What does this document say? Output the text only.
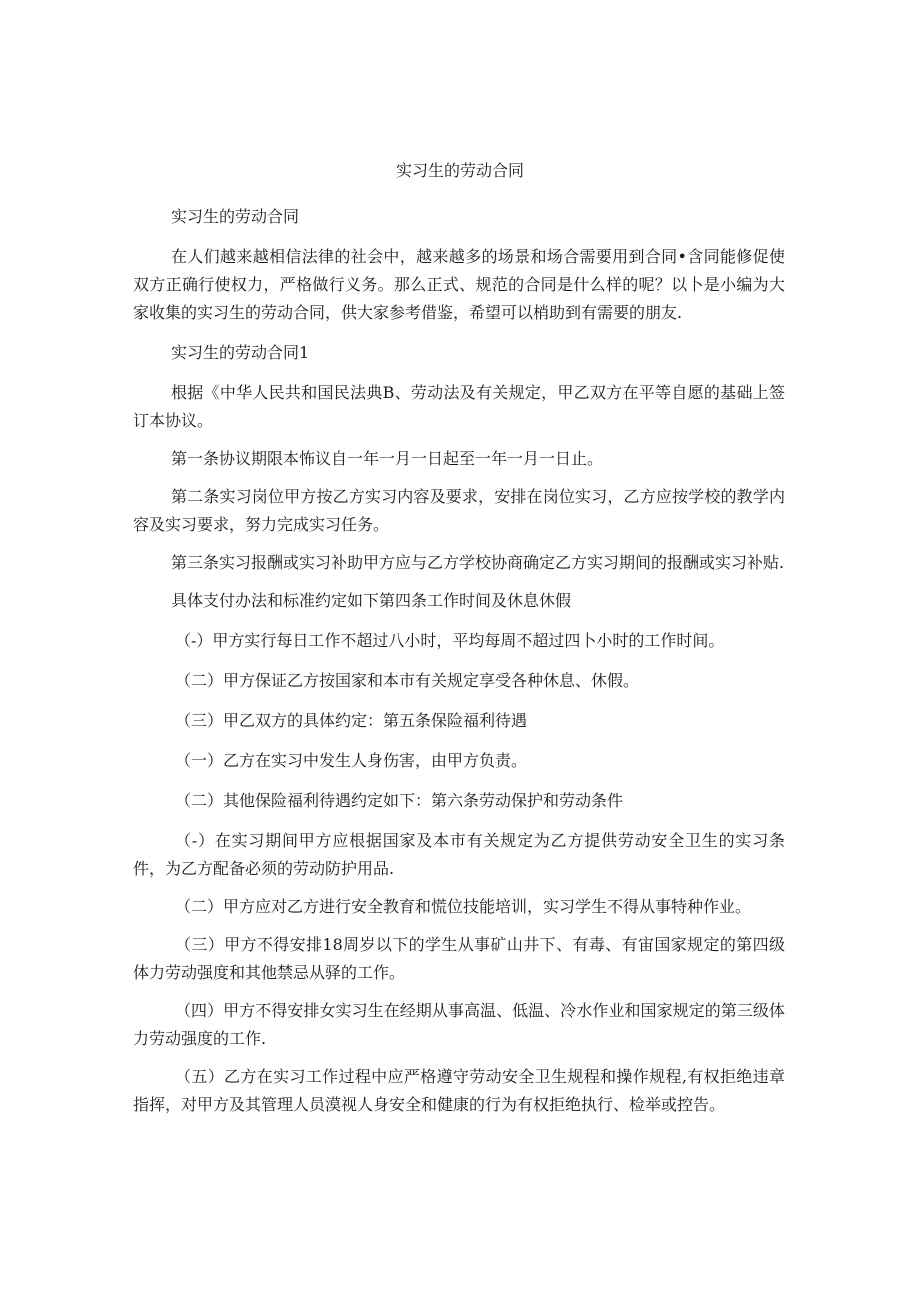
实习生的劳动合同

实习生的劳动合同

在人们越来越相信法律的社会中，越来越多的场景和场合需要用到合同•含同能修促使双方正确行使权力，严格做行义务。那么正式、规范的合同是什么样的呢？以卜是小编为大家收集的实习生的劳动合同，供大家参考借鉴，希望可以梢助到有需要的朋友.

实习生的劳动合同1

根据《中华人民共和国民法典B、劳动法及有关规定，甲乙双方在平等自愿的基础上签订本协议。

第一条协议期限本怖议自一年一月一日起至一年一月一日止。

第二条实习岗位甲方按乙方实习内容及要求，安排在岗位实习，乙方应按学校的教学内容及实习要求，努力完成实习任务。

第三条实习报酬或实习补助甲方应与乙方学校协商确定乙方实习期间的报酬或实习补贴.

具体支付办法和标准约定如下第四条工作时间及休息休假

（-）甲方实行每日工作不超过八小时，平均每周不超过四卜小时的工作时间。

（二）甲方保证乙方按国家和本市有关规定享受各种休息、休假。

（三）甲乙双方的具体约定：第五条保险福利待遇

（一）乙方在实习中发生人身伤害，由甲方负责。

（二）其他保险福利待遇约定如下：第六条劳动保护和劳动条件

（-）在实习期间甲方应根据国家及本市有关规定为乙方提供劳动安全卫生的实习条件，为乙方配备必须的劳动防护用品.

（二）甲方应对乙方进行安全教育和慌位技能培训，实习学生不得从事特种作业。

（三）甲方不得安排18周岁以下的学生从事矿山井下、有毒、有宙国家规定的第四级体力劳动强度和其他禁忌从驿的工作。

（四）甲方不得安排女实习生在经期从事高温、低温、冷水作业和国家规定的第三级体力劳动强度的工作.

（五）乙方在实习工作过程中应严格遵守劳动安全卫生规程和操作规程,有权拒绝违章指挥，对甲方及其管理人员漠视人身安全和健康的行为有权拒绝执行、检举或控告。
